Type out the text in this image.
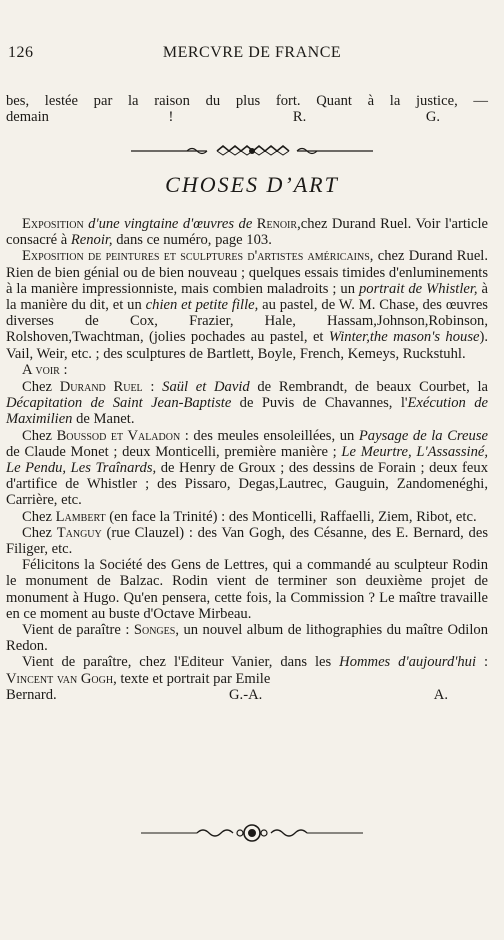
126	MERCVRE DE FRANCE

bes, lestée par la raison du plus fort. Quant à la justice, —

demain !	R. G.

CHOSES D’ART

Exposition d'une vingtaine d'œuvres de Renoir,chez Durand Ruel. Voir l'article consacré à Renoir, dans ce numéro, page 103.

Exposition de peintures et sculptures d'artistes américains, chez Durand Ruel. Rien de bien génial ou de bien nouveau ; quelques essais timides d'enluminements à la manière impressionniste, mais combien maladroits ; un portrait de Whistler, à la manière du dit, et un chien et petite fille, au pastel, de W. M. Chase, des œuvres diverses de Cox, Frazier, Hale, Hassam,Johnson,Robinson, Rolshoven,Twachtman, (jolies pochades au pastel, et Winter,the mason's house). Vail, Weir, etc. ; des sculptures de Bartlett, Boyle, French, Kemeys, Ruckstuhl.

A voir :

Chez Durand Ruel : Saül et David de Rembrandt, de beaux Courbet, la Décapitation de Saint Jean-Baptiste de Puvis de Chavannes, l'Exécution de Maximilien de Manet.

Chez Boussod et Valadon : des meules ensoleillées, un Paysage de la Creuse de Claude Monet ; deux Monticelli, première manière ; Le Meurtre, L'Assassiné, Le Pendu, Les Traînards, de Henry de Groux ; des dessins de Forain ; deux feux d'artifice de Whistler ; des Pissaro, Degas,Lautrec, Gauguin, Zandomenéghi, Carrière, etc.

Chez Lambert (en face la Trinité) : des Monticelli, Raffaelli, Ziem, Ribot, etc.

Chez Tanguy (rue Clauzel) : des Van Gogh, des Césanne, des E. Bernard, des Filiger, etc.

Félicitons la Société des Gens de Lettres, qui a commandé au sculpteur Rodin le monument de Balzac. Rodin vient de terminer son deuxième projet de monument à Hugo. Qu'en pensera, cette fois, la Commission ? Le maître travaille en ce moment au buste d'Octave Mirbeau.

Vient de paraître : Songes, un nouvel album de lithographies du maître Odilon Redon.

Vient de paraître, chez l'Editeur Vanier, dans les Hommes d'aujourd'hui : Vincent van Gogh, texte et portrait par Emile

Bernard.	G.-A. A.
